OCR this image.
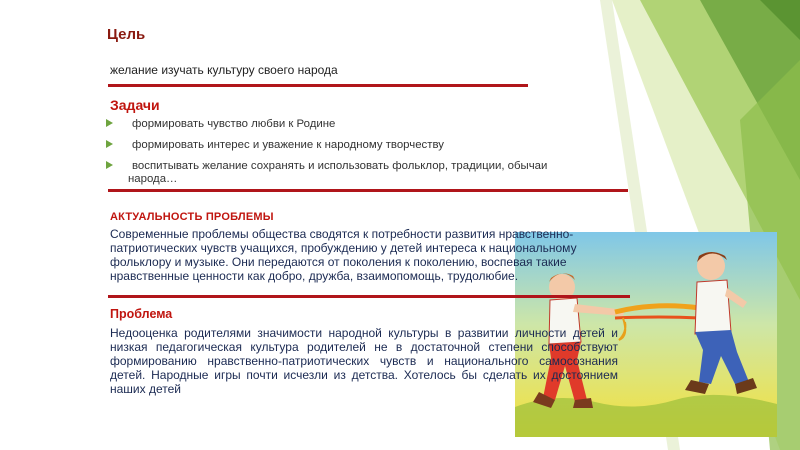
Цель
желание изучать культуру своего народа
Задачи
формировать чувство любви к Родине
формировать интерес и уважение к народному творчеству
воспитывать желание сохранять и использовать фольклор, традиции, обычаи
народа…
АКТУАЛЬНОСТЬ ПРОБЛЕМЫ
Современные проблемы общества сводятся к потребности развития нравственно-патриотических чувств учащихся, пробуждению у детей интереса к национальному фольклору и музыке. Они передаются от поколения к поколению, воспевая такие нравственные ценности как добро, дружба, взаимопомощь, трудолюбие.
Проблема
Недооценка родителями значимости народной культуры в развитии личности детей и низкая педагогическая культура родителей не в достаточной степени способствуют формированию нравственно-патриотических чувств и национального самосознания детей. Народные игры почти исчезли из детства. Хотелось бы сделать их достоянием наших детей
